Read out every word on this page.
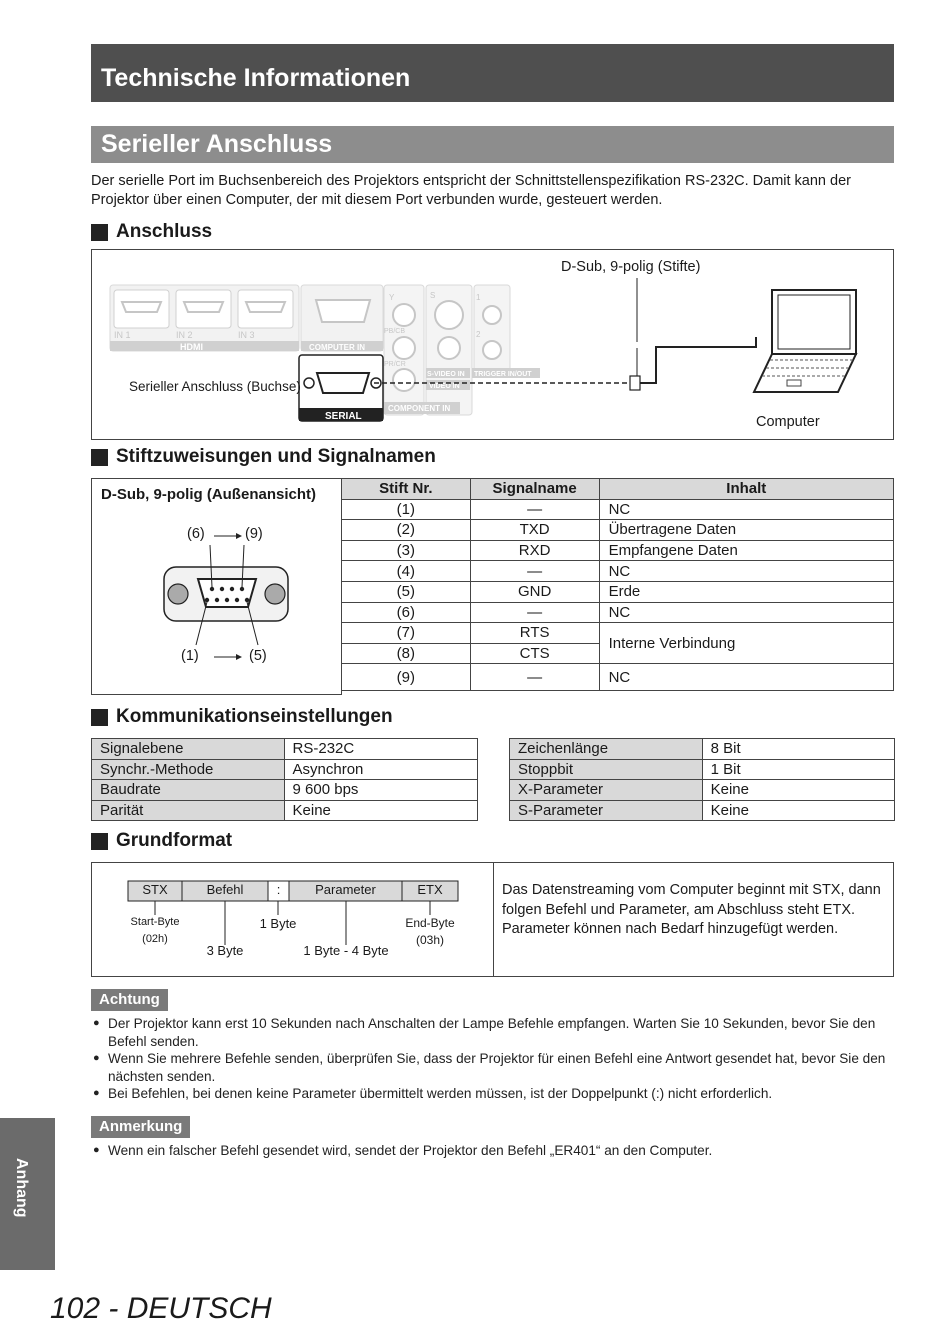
Technische Informationen
Serieller Anschluss

Der serielle Port im Buchsenbereich des Projektors entspricht der Schnittstellenspezifikation RS-232C. Damit kann der Projektor über einen Computer, der mit diesem Port verbunden wurde, gesteuert werden.

Anschluss
IN 1	IN 2	IN 3
HDMI	COMPUTER IN
Y
PB/CB
PR/CR
S	1
2
S-VIDEO IN TRIGGER IN/OUT
VIDEO IN
COMPONENT IN
SERIAL
D-Sub, 9-polig (Stifte)
Serieller Anschluss (Buchse)
Computer
Stiftzuweisungen und Signalnamen
D-Sub, 9-polig (Außenansicht)
(6)	(9)
(1)	(5)
Stift Nr.	Signalname	Inhalt
(1)	—	NC
(2)	TXD	Übertragene Daten
(3)	RXD	Empfangene Daten
(4)	—	NC
(5)	GND	Erde
(6)	—	NC
(7)	RTS	Interne Verbindung
(8)	CTS	
(9)	—	NC
Kommunikationseinstellungen
Signalebene	RS-232C
Synchr.-Methode	Asynchron
Baudrate	9 600 bps
Parität	Keine
Zeichenlänge	8 Bit
Stoppbit	1 Bit
X-Parameter	Keine
S-Parameter	Keine
Grundformat
STX	Befehl	:	Parameter	ETX
Start-Byte
(02h)
1 Byte	End-Byte
(03h)
3 Byte	1 Byte - 4 Byte
Das Datenstreaming vom Computer beginnt mit STX, dann folgen Befehl und Parameter, am Abschluss steht ETX.
Parameter können nach Bedarf hinzugefügt werden.
Achtung
● Der Projektor kann erst 10 Sekunden nach Anschalten der Lampe Befehle empfangen. Warten Sie 10 Sekunden, bevor Sie den Befehl senden.
● Wenn Sie mehrere Befehle senden, überprüfen Sie, dass der Projektor für einen Befehl eine Antwort gesendet hat, bevor Sie den nächsten senden.
● Bei Befehlen, bei denen keine Parameter übermittelt werden müssen, ist der Doppelpunkt (:) nicht erforderlich.
Anmerkung
● Wenn ein falscher Befehl gesendet wird, sendet der Projektor den Befehl „ER401“ an den Computer.
Anhang
102 - DEUTSCH
